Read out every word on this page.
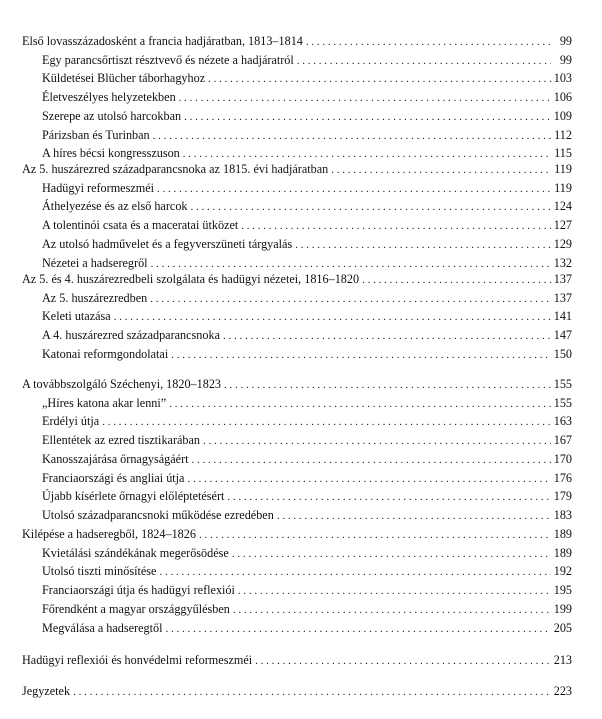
Első lovasszázadosként a francia hadjáratban, 1813–1814 . . .	99
Egy parancsőrtiszt résztvevő és nézete a hadjáratról . . .	99
Küldetései Blücher táborhagyhoz . . .	103
Életveszélyes helyzetekben . . .	106
Szerepe az utolsó harcokban . . .	109
Párizsban és Turinban . . .	112
A híres bécsi kongresszuson . . .	115
Az 5. huszárezred századparancsnoka az 1815. évi hadjáratban . . .	119
Hadügyi reformeszméi . . .	119
Áthelyezése és az első harcok . . .	124
A tolentinói csata és a maceratai ütközet . . .	127
Az utolsó hadművelet és a fegyverszüneti tárgyalás . . .	129
Nézetei a hadseregről . . .	132
Az 5. és 4. huszárezredbeli szolgálata és hadügyi nézetei, 1816–1820 . . .	137
Az 5. huszárezredben . . .	137
Keleti utazása . . .	141
A 4. huszárezred századparancsnoka . . .	147
Katonai reformgondolatai . . .	150
A továbbszolgáló Széchenyi, 1820–1823 . . .	155
„Híres katona akar lenni” . . .	155
Erdélyi útja . . .	163
Ellentétek az ezred tisztikarában . . .	167
Kanosszajárása őrnagyságáért . . .	170
Franciaországi és angliai útja . . .	176
Újabb kísérlete őrnagyi előléptetésért . . .	179
Utolsó századparancsnoki működése ezredében . . .	183
Kilépése a hadseregből, 1824–1826 . . .	189
Kvietálási szándékának megerősödése . . .	189
Utolsó tiszti minősítése . . .	192
Franciaországi útja és hadügyi reflexiói . . .	195
Főrendként a magyar országgyűlésben . . .	199
Megválása a hadseregtől . . .	205
Hadügyi reflexiói és honvédelmi reformeszméi . . .	213
Jegyzetek . . .	223
